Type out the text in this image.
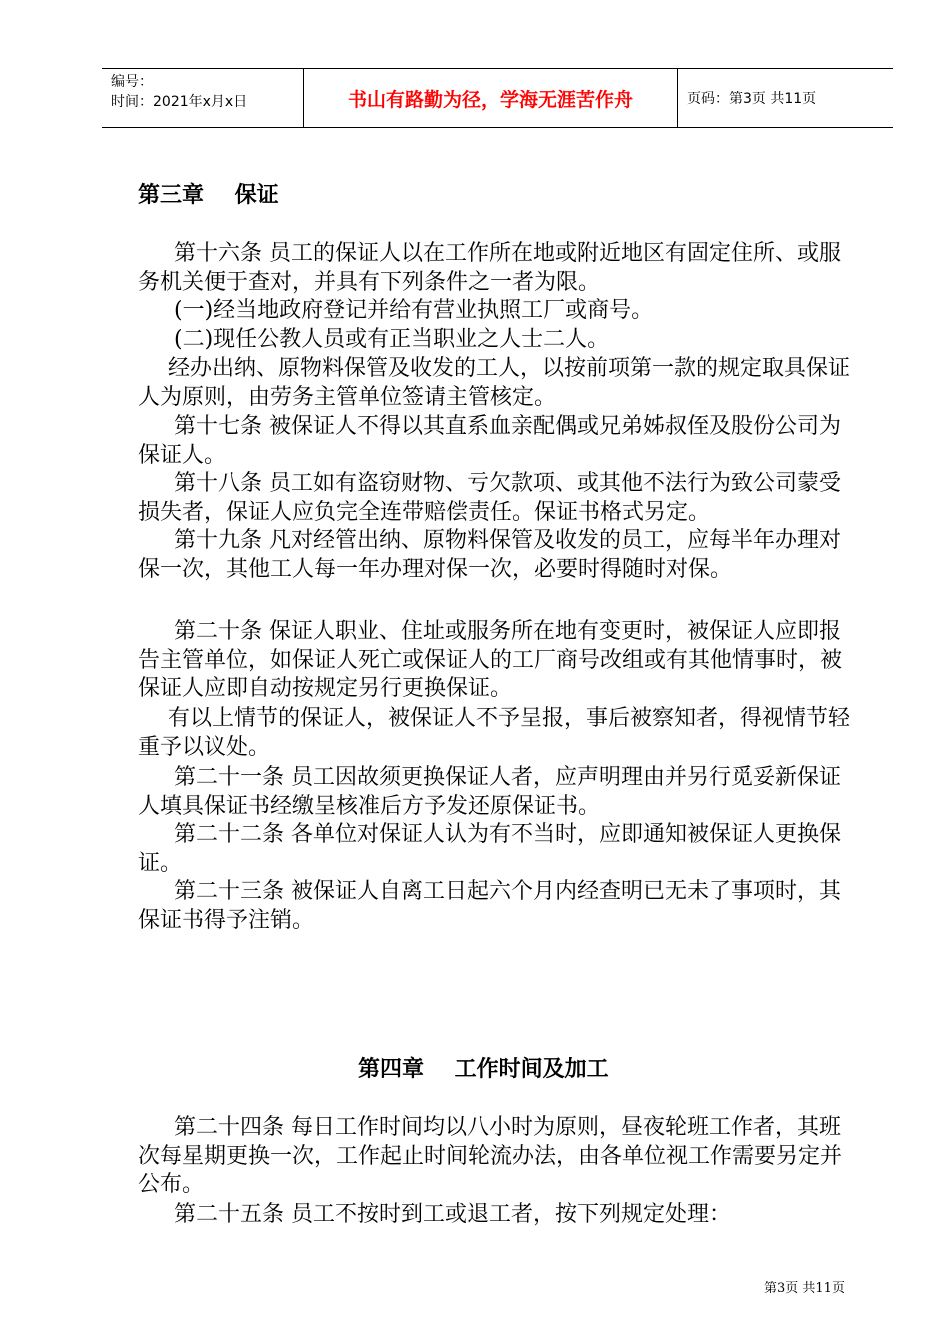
编号：
时间：2021年x月x日	书山有路勤为径，学海无涯苦作舟	页码：第3页 共11页
第三章    保证

第十六条 员工的保证人以在工作所在地或附近地区有固定住所、或服务机关便于查对，并具有下列条件之一者为限。

(一)经当地政府登记并给有营业执照工厂或商号。

(二)现任公教人员或有正当职业之人士二人。

经办出纳、原物料保管及收发的工人，以按前项第一款的规定取具保证人为原则，由劳务主管单位签请主管核定。

第十七条 被保证人不得以其直系血亲配偶或兄弟姊叔侄及股份公司为保证人。

第十八条 员工如有盗窃财物、亏欠款项、或其他不法行为致公司蒙受损失者，保证人应负完全连带赔偿责任。保证书格式另定。

第十九条 凡对经管出纳、原物料保管及收发的员工，应每半年办理对保一次，其他工人每一年办理对保一次，必要时得随时对保。

第二十条 保证人职业、住址或服务所在地有变更时，被保证人应即报告主管单位，如保证人死亡或保证人的工厂商号改组或有其他情事时，被保证人应即自动按规定另行更换保证。

有以上情节的保证人，被保证人不予呈报，事后被察知者，得视情节轻重予以议处。

第二十一条 员工因故须更换保证人者，应声明理由并另行觅妥新保证人填具保证书经缴呈核准后方予发还原保证书。

第二十二条 各单位对保证人认为有不当时，应即通知被保证人更换保证。

第二十三条 被保证人自离工日起六个月内经查明已无未了事项时，其保证书得予注销。

第四章    工作时间及加工

第二十四条 每日工作时间均以八小时为原则，昼夜轮班工作者，其班次每星期更换一次，工作起止时间轮流办法，由各单位视工作需要另定并公布。

第二十五条 员工不按时到工或退工者，按下列规定处理：

第3页 共11页
